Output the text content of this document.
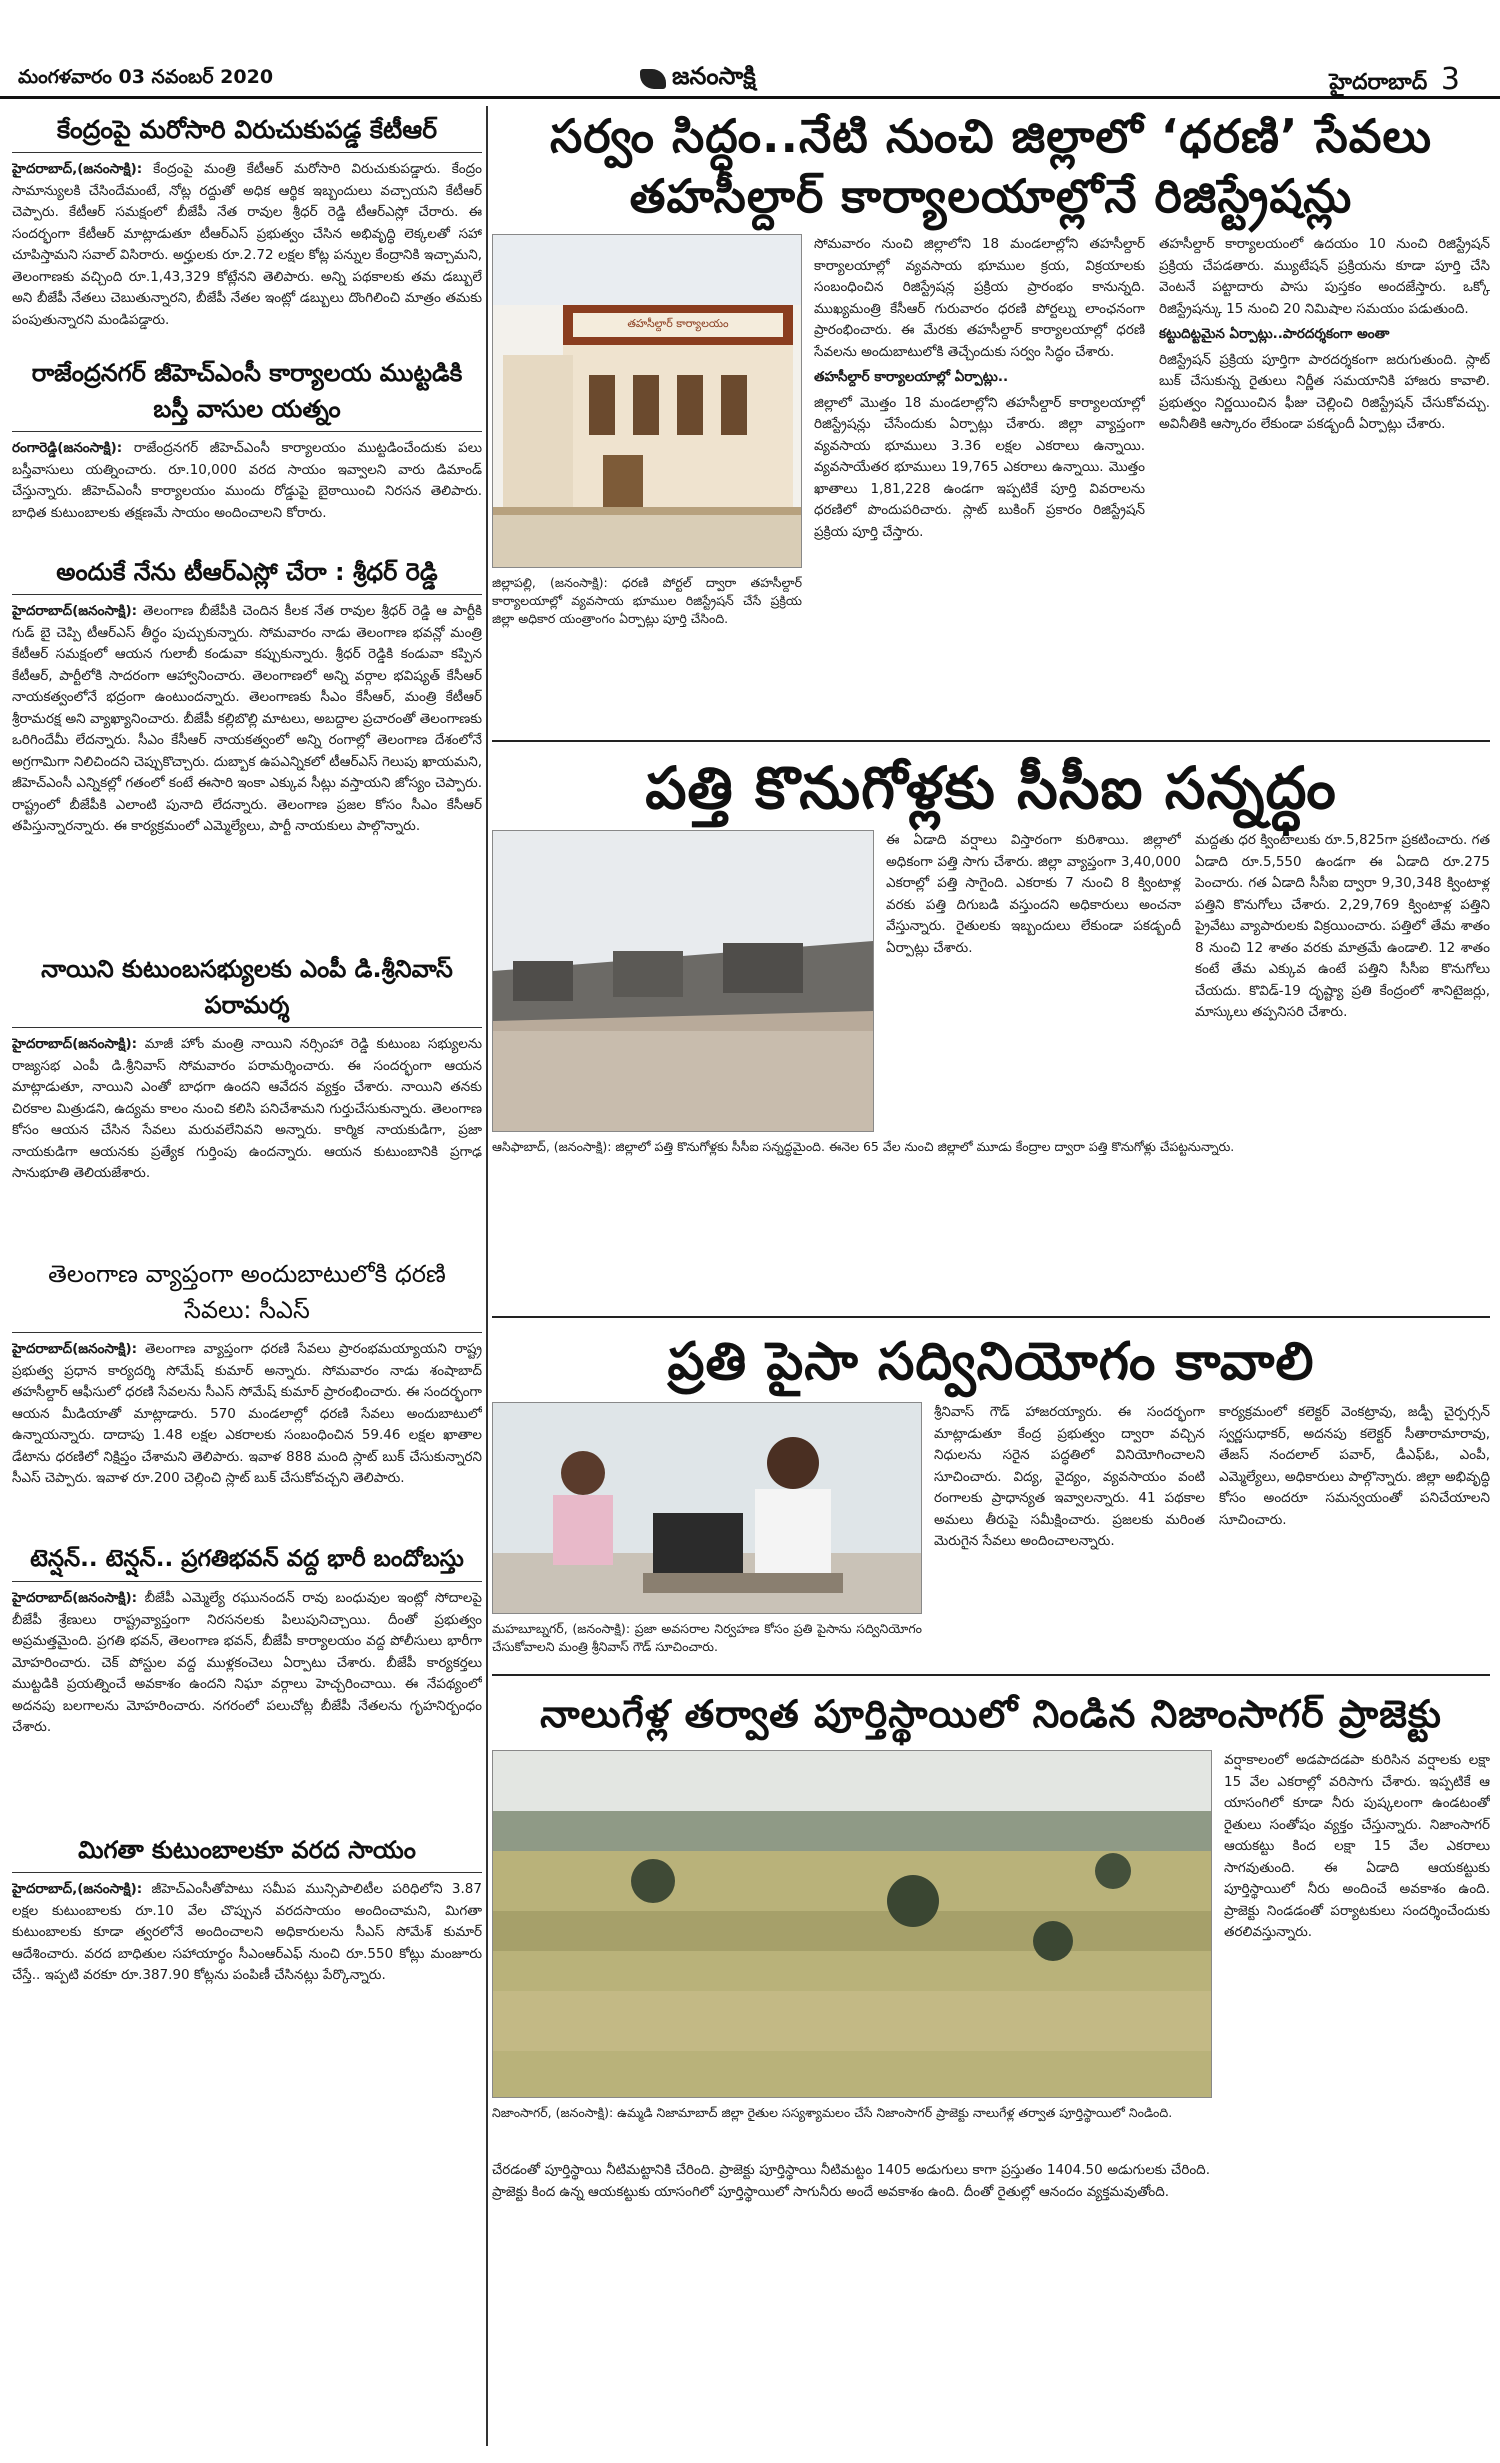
మంగళవారం 03 నవంబర్ 2020	జనంసాక్షి	హైదరాబాద్ 3
కేంద్రంపై మరోసారి విరుచుకుపడ్డ కేటీఆర్

హైదరాబాద్,(జనంసాక్షి): కేంద్రంపై మంత్రి కేటీఆర్ మరోసారి విరుచుకుపడ్డారు. కేంద్రం సామాన్యులకి చేసిందేమంటే, నోట్ల రద్దుతో అధిక ఆర్థిక ఇబ్బందులు వచ్చాయని కేటీఆర్ చెప్పారు. కేటీఆర్ సమక్షంలో బీజేపీ నేత రావుల శ్రీధర్ రెడ్డి టీఆర్ఎస్లో చేరారు. ఈ సందర్భంగా కేటీఆర్ మాట్లాడుతూ టీఆర్ఎస్ ప్రభుత్వం చేసిన అభివృద్ధి లెక్కలతో సహా చూపిస్తామని సవాల్ విసిరారు. అర్హులకు రూ.2.72 లక్షల కోట్ల పన్నుల కేంద్రానికి ఇచ్చామని, తెలంగాణకు వచ్చింది రూ.1,43,329 కోట్లేనని తెలిపారు. అన్ని పథకాలకు తమ డబ్బులే అని బీజేపీ నేతలు చెబుతున్నారని, బీజేపీ నేతల ఇంట్లో డబ్బులు దొంగిలించి మాత్రం తమకు పంపుతున్నారని మండిపడ్డారు.

రాజేంద్రనగర్ జీహెచ్ఎంసీ కార్యాలయ ముట్టడికి బస్తీ వాసుల యత్నం

రంగారెడ్డి(జనంసాక్షి): రాజేంద్రనగర్ జీహెచ్ఎంసీ కార్యాలయం ముట్టడించేందుకు పలు బస్తీవాసులు యత్నించారు. రూ.10,000 వరద సాయం ఇవ్వాలని వారు డిమాండ్ చేస్తున్నారు. జీహెచ్ఎంసీ కార్యాలయం ముందు రోడ్డుపై బైఠాయించి నిరసన తెలిపారు. బాధిత కుటుంబాలకు తక్షణమే సాయం అందించాలని కోరారు.

అందుకే నేను టీఆర్ఎస్లో చేరా : శ్రీధర్ రెడ్డి

హైదరాబాద్(జనంసాక్షి): తెలంగాణ బీజేపీకి చెందిన కీలక నేత రావుల శ్రీధర్ రెడ్డి ఆ పార్టీకి గుడ్ బై చెప్పి టీఆర్ఎస్ తీర్థం పుచ్చుకున్నారు. సోమవారం నాడు తెలంగాణ భవన్లో మంత్రి కేటీఆర్ సమక్షంలో ఆయన గులాబీ కండువా కప్పుకున్నారు. శ్రీధర్ రెడ్డికి కండువా కప్పిన కేటీఆర్, పార్టీలోకి సాదరంగా ఆహ్వానించారు. తెలంగాణలో అన్ని వర్గాల భవిష్యత్ కేసీఆర్ నాయకత్వంలోనే భద్రంగా ఉంటుందన్నారు. తెలంగాణకు సీఎం కేసీఆర్, మంత్రి కేటీఆర్ శ్రీరామరక్ష అని వ్యాఖ్యానించారు. బీజేపీ కల్లిబొల్లి మాటలు, అబద్దాల ప్రచారంతో తెలంగాణకు ఒరిగిందేమీ లేదన్నారు. సీఎం కేసీఆర్ నాయకత్వంలో అన్ని రంగాల్లో తెలంగాణ దేశంలోనే అగ్రగామిగా నిలిచిందని చెప్పుకొచ్చారు. దుబ్బాక ఉపఎన్నికలో టీఆర్ఎస్ గెలుపు ఖాయమని, జీహెచ్ఎంసీ ఎన్నికల్లో గతంలో కంటే ఈసారి ఇంకా ఎక్కువ సీట్లు వస్తాయని జోస్యం చెప్పారు. రాష్ట్రంలో బీజేపీకి ఎలాంటి పునాది లేదన్నారు. తెలంగాణ ప్రజల కోసం సీఎం కేసీఆర్ తపిస్తున్నారన్నారు. ఈ కార్యక్రమంలో ఎమ్మెల్యేలు, పార్టీ నాయకులు పాల్గొన్నారు.

నాయిని కుటుంబసభ్యులకు ఎంపీ డి.శ్రీనివాస్ పరామర్శ

హైదరాబాద్(జనంసాక్షి): మాజీ హోం మంత్రి నాయిని నర్సింహా రెడ్డి కుటుంబ సభ్యులను రాజ్యసభ ఎంపీ డి.శ్రీనివాస్ సోమవారం పరామర్శించారు. ఈ సందర్భంగా ఆయన మాట్లాడుతూ, నాయిని ఎంతో బాధగా ఉందని ఆవేదన వ్యక్తం చేశారు. నాయిని తనకు చిరకాల మిత్రుడని, ఉద్యమ కాలం నుంచి కలిసి పనిచేశామని గుర్తుచేసుకున్నారు. తెలంగాణ కోసం ఆయన చేసిన సేవలు మరువలేనివని అన్నారు. కార్మిక నాయకుడిగా, ప్రజా నాయకుడిగా ఆయనకు ప్రత్యేక గుర్తింపు ఉందన్నారు. ఆయన కుటుంబానికి ప్రగాఢ సానుభూతి తెలియజేశారు.

తెలంగాణ వ్యాప్తంగా అందుబాటులోకి ధరణి సేవలు: సీఎస్

హైదరాబాద్(జనంసాక్షి): తెలంగాణ వ్యాప్తంగా ధరణి సేవలు ప్రారంభమయ్యాయని రాష్ట్ర ప్రభుత్వ ప్రధాన కార్యదర్శి సోమేష్ కుమార్ అన్నారు. సోమవారం నాడు శంషాబాద్ తహసీల్దార్ ఆఫీసులో ధరణి సేవలను సీఎస్ సోమేష్ కుమార్ ప్రారంభించారు. ఈ సందర్భంగా ఆయన మీడియాతో మాట్లాడారు. 570 మండలాల్లో ధరణి సేవలు అందుబాటులో ఉన్నాయన్నారు. దాదాపు 1.48 లక్షల ఎకరాలకు సంబంధించిన 59.46 లక్షల ఖాతాల డేటాను ధరణిలో నిక్షిప్తం చేశామని తెలిపారు. ఇవాళ 888 మంది స్లాట్ బుక్ చేసుకున్నారని సీఎస్ చెప్పారు. ఇవాళ రూ.200 చెల్లించి స్లాట్ బుక్ చేసుకోవచ్చని తెలిపారు.

టెన్షన్.. టెన్షన్.. ప్రగతిభవన్ వద్ద భారీ బందోబస్తు

హైదరాబాద్(జనంసాక్షి): బీజేపీ ఎమ్మెల్యే రఘునందన్ రావు బంధువుల ఇంట్లో సోదాలపై బీజేపీ శ్రేణులు రాష్ట్రవ్యాప్తంగా నిరసనలకు పిలుపునిచ్చాయి. దీంతో ప్రభుత్వం అప్రమత్తమైంది. ప్రగతి భవన్, తెలంగాణ భవన్, బీజేపీ కార్యాలయం వద్ద పోలీసులు భారీగా మోహరించారు. చెక్ పోస్టుల వద్ద ముళ్లకంచెలు ఏర్పాటు చేశారు. బీజేపీ కార్యకర్తలు ముట్టడికి ప్రయత్నించే అవకాశం ఉందని నిఘా వర్గాలు హెచ్చరించాయి. ఈ నేపథ్యంలో అదనపు బలగాలను మోహరించారు. నగరంలో పలుచోట్ల బీజేపీ నేతలను గృహనిర్బంధం చేశారు.

మిగతా కుటుంబాలకూ వరద సాయం

హైదరాబాద్,(జనంసాక్షి): జీహెచ్ఎంసీతోపాటు సమీప మున్సిపాలిటీల పరిధిలోని 3.87 లక్షల కుటుంబాలకు రూ.10 వేల చొప్పున వరదసాయం అందించామని, మిగతా కుటుంబాలకు కూడా త్వరలోనే అందించాలని అధికారులను సీఎస్ సోమేశ్ కుమార్ ఆదేశించారు. వరద బాధితుల సహాయార్థం సీఎంఆర్ఎఫ్ నుంచి రూ.550 కోట్లు మంజూరు చేస్తే.. ఇప్పటి వరకూ రూ.387.90 కోట్లను పంపిణీ చేసినట్లు పేర్కొన్నారు.

సర్వం సిద్ధం..నేటి నుంచి జిల్లాలో ‘ధరణి’ సేవలు
తహసీల్దార్ కార్యాలయాల్లోనే రిజిస్ట్రేషన్లు
తహసీల్దార్ కార్యాలయం

జిల్లాపల్లి, (జనంసాక్షి): ధరణి పోర్టల్ ద్వారా తహసీల్దార్ కార్యాలయాల్లో వ్యవసాయ భూముల రిజిస్ట్రేషన్ చేసే ప్రక్రియ జిల్లా అధికార యంత్రాంగం ఏర్పాట్లు పూర్తి చేసింది.

సోమవారం నుంచి జిల్లాలోని 18 మండలాల్లోని తహసీల్దార్ కార్యాలయాల్లో వ్యవసాయ భూముల క్రయ, విక్రయాలకు సంబంధించిన రిజిస్ట్రేషన్ల ప్రక్రియ ప్రారంభం కానున్నది. ముఖ్యమంత్రి కేసీఆర్ గురువారం ధరణి పోర్టల్ను లాంఛనంగా ప్రారంభించారు. ఈ మేరకు తహసీల్దార్ కార్యాలయాల్లో ధరణి సేవలను అందుబాటులోకి తెచ్చేందుకు సర్వం సిద్ధం చేశారు.
తహసీల్దార్ కార్యాలయాల్లో ఏర్పాట్లు..
జిల్లాలో మొత్తం 18 మండలాల్లోని తహసీల్దార్ కార్యాలయాల్లో రిజిస్ట్రేషన్లు చేసేందుకు ఏర్పాట్లు చేశారు. జిల్లా వ్యాప్తంగా వ్యవసాయ భూములు 3.36 లక్షల ఎకరాలు ఉన్నాయి. వ్యవసాయేతర భూములు 19,765 ఎకరాలు ఉన్నాయి. మొత్తం ఖాతాలు 1,81,228 ఉండగా ఇప్పటికే పూర్తి వివరాలను ధరణిలో పొందుపరిచారు. స్లాట్ బుకింగ్ ప్రకారం రిజిస్ట్రేషన్ ప్రక్రియ పూర్తి చేస్తారు.

తహసీల్దార్ కార్యాలయంలో ఉదయం 10 నుంచి రిజిస్ట్రేషన్ ప్రక్రియ చేపడతారు. మ్యుటేషన్ ప్రక్రియను కూడా పూర్తి చేసి వెంటనే పట్టాదారు పాసు పుస్తకం అందజేస్తారు. ఒక్కో రిజిస్ట్రేషన్కు 15 నుంచి 20 నిమిషాల సమయం పడుతుంది.
కట్టుదిట్టమైన ఏర్పాట్లు..పారదర్శకంగా అంతా
రిజిస్ట్రేషన్ ప్రక్రియ పూర్తిగా పారదర్శకంగా జరుగుతుంది. స్లాట్ బుక్ చేసుకున్న రైతులు నిర్ణీత సమయానికి హాజరు కావాలి. ప్రభుత్వం నిర్ణయించిన ఫీజు చెల్లించి రిజిస్ట్రేషన్ చేసుకోవచ్చు. అవినీతికి ఆస్కారం లేకుండా పకడ్బందీ ఏర్పాట్లు చేశారు.

పత్తి కొనుగోళ్లకు సీసీఐ సన్నద్ధం

ఈ ఏడాది వర్షాలు విస్తారంగా కురిశాయి. జిల్లాలో అధికంగా పత్తి సాగు చేశారు. జిల్లా వ్యాప్తంగా 3,40,000 ఎకరాల్లో పత్తి సాగైంది. ఎకరాకు 7 నుంచి 8 క్వింటాళ్ల వరకు పత్తి దిగుబడి వస్తుందని అధికారులు అంచనా వేస్తున్నారు. రైతులకు ఇబ్బందులు లేకుండా పకడ్బందీ ఏర్పాట్లు చేశారు.

మద్దతు ధర క్వింటాలుకు రూ.5,825గా ప్రకటించారు. గత ఏడాది రూ.5,550 ఉండగా ఈ ఏడాది రూ.275 పెంచారు. గత ఏడాది సీసీఐ ద్వారా 9,30,348 క్వింటాళ్ల పత్తిని కొనుగోలు చేశారు. 2,29,769 క్వింటాళ్ల పత్తిని ప్రైవేటు వ్యాపారులకు విక్రయించారు. పత్తిలో తేమ శాతం 8 నుంచి 12 శాతం వరకు మాత్రమే ఉండాలి. 12 శాతం కంటే తేమ ఎక్కువ ఉంటే పత్తిని సీసీఐ కొనుగోలు చేయదు. కొవిడ్-19 దృష్ట్యా ప్రతి కేంద్రంలో శానిటైజర్లు, మాస్కులు తప్పనిసరి చేశారు.

ఆసిఫాబాద్, (జనంసాక్షి): జిల్లాలో పత్తి కొనుగోళ్లకు సీసీఐ సన్నద్ధమైంది. ఈనెల 65 వేల నుంచి జిల్లాలో మూడు కేంద్రాల ద్వారా పత్తి కొనుగోళ్లు చేపట్టనున్నారు.

ప్రతి పైసా సద్వినియోగం కావాలి

మహబూబ్నగర్, (జనంసాక్షి): ప్రజా అవసరాల నిర్వహణ కోసం ప్రతి పైసాను సద్వినియోగం చేసుకోవాలని మంత్రి శ్రీనివాస్ గౌడ్ సూచించారు.

శ్రీనివాస్ గౌడ్ హాజరయ్యారు. ఈ సందర్భంగా మాట్లాడుతూ కేంద్ర ప్రభుత్వం ద్వారా వచ్చిన నిధులను సరైన పద్ధతిలో వినియోగించాలని సూచించారు. విద్య, వైద్యం, వ్యవసాయం వంటి రంగాలకు ప్రాధాన్యత ఇవ్వాలన్నారు. 41 పథకాల అమలు తీరుపై సమీక్షించారు. ప్రజలకు మరింత మెరుగైన సేవలు అందించాలన్నారు.

కార్యక్రమంలో కలెక్టర్ వెంకట్రావు, జడ్పీ చైర్పర్సన్ స్వర్ణసుధాకర్, అదనపు కలెక్టర్ సీతారామారావు, తేజస్ నందలాల్ పవార్, డీఎఫ్ఓ, ఎంపీ, ఎమ్మెల్యేలు, అధికారులు పాల్గొన్నారు. జిల్లా అభివృద్ధి కోసం అందరూ సమన్వయంతో పనిచేయాలని సూచించారు.

నాలుగేళ్ల తర్వాత పూర్తిస్థాయిలో నిండిన నిజాంసాగర్ ప్రాజెక్టు

నిజాంసాగర్, (జనంసాక్షి): ఉమ్మడి నిజామాబాద్ జిల్లా రైతుల సస్యశ్యామలం చేసే నిజాంసాగర్ ప్రాజెక్టు నాలుగేళ్ల తర్వాత పూర్తిస్థాయిలో నిండింది.

వర్షాకాలంలో అడపాదడపా కురిసిన వర్షాలకు లక్షా 15 వేల ఎకరాల్లో వరిసాగు చేశారు. ఇప్పటికే ఆ యాసంగిలో కూడా నీరు పుష్కలంగా ఉండటంతో రైతులు సంతోషం వ్యక్తం చేస్తున్నారు. నిజాంసాగర్ ఆయకట్టు కింద లక్షా 15 వేల ఎకరాలు సాగవుతుంది. ఈ ఏడాది ఆయకట్టుకు పూర్తిస్థాయిలో నీరు అందించే అవకాశం ఉంది. ప్రాజెక్టు నిండడంతో పర్యాటకులు సందర్శించేందుకు తరలివస్తున్నారు.

చేరడంతో పూర్తిస్థాయి నీటిమట్టానికి చేరింది. ప్రాజెక్టు పూర్తిస్థాయి నీటిమట్టం 1405 అడుగులు కాగా ప్రస్తుతం 1404.50 అడుగులకు చేరింది. ప్రాజెక్టు కింద ఉన్న ఆయకట్టుకు యాసంగిలో పూర్తిస్థాయిలో సాగునీరు అందే అవకాశం ఉంది. దీంతో రైతుల్లో ఆనందం వ్యక్తమవుతోంది.
